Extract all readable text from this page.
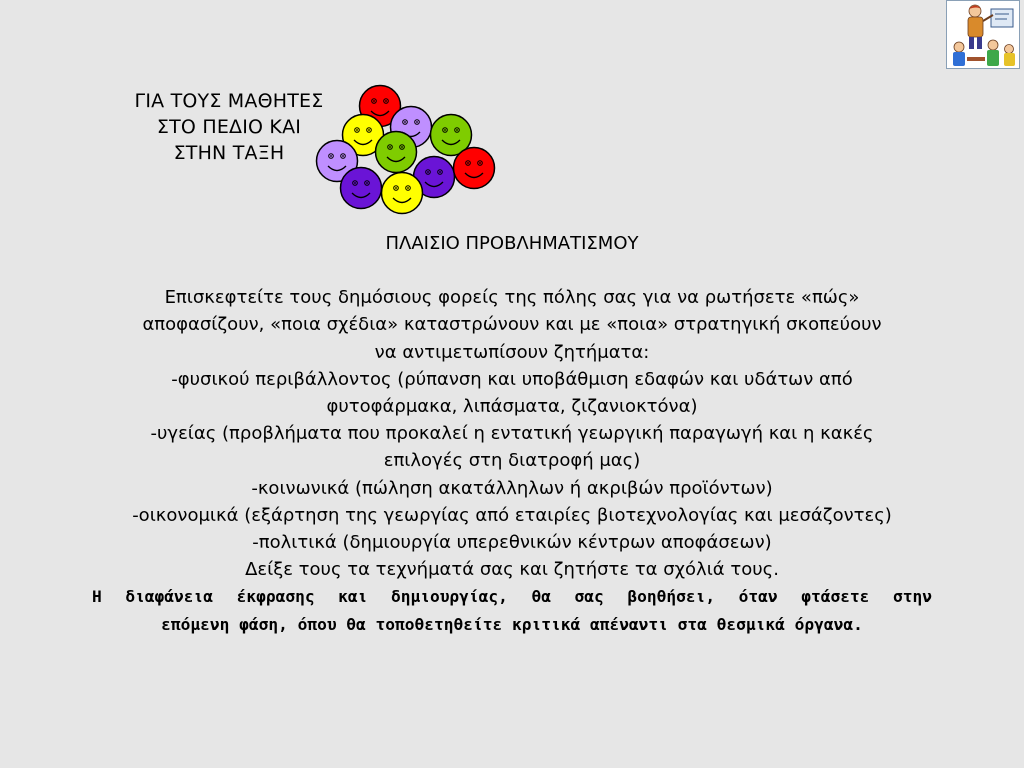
ΓΙΑ ΤΟΥΣ ΜΑΘΗΤΕΣ
ΣΤΟ ΠΕΔΙΟ ΚΑΙ
ΣΤΗΝ ΤΑΞΗ
ΠΛΑΙΣΙΟ ΠΡΟΒΛΗΜΑΤΙΣΜΟΥ
Επισκεφτείτε τους δημόσιους φορείς της πόλης σας για να ρωτήσετε «πώς»
αποφασίζουν, «ποια σχέδια» καταστρώνουν και με «ποια» στρατηγική σκοπεύουν
να αντιμετωπίσουν ζητήματα:
-φυσικού περιβάλλοντος (ρύπανση και υποβάθμιση εδαφών και υδάτων από
φυτοφάρμακα, λιπάσματα, ζιζανιοκτόνα)
-υγείας (προβλήματα που προκαλεί η εντατική γεωργική παραγωγή και η κακές
επιλογές στη διατροφή μας)
-κοινωνικά (πώληση ακατάλληλων ή ακριβών προϊόντων)
-οικονομικά (εξάρτηση της γεωργίας από εταιρίες βιοτεχνολογίας και μεσάζοντες)
-πολιτικά (δημιουργία υπερεθνικών κέντρων αποφάσεων)
Δείξε τους τα τεχνήματά σας και ζητήστε τα σχόλιά τους.
Η διαφάνεια έκφρασης και δημιουργίας, θα σας βοηθήσει, όταν φτάσετε στην
επόμενη φάση, όπου θα τοποθετηθείτε κριτικά απέναντι στα θεσμικά όργανα.
